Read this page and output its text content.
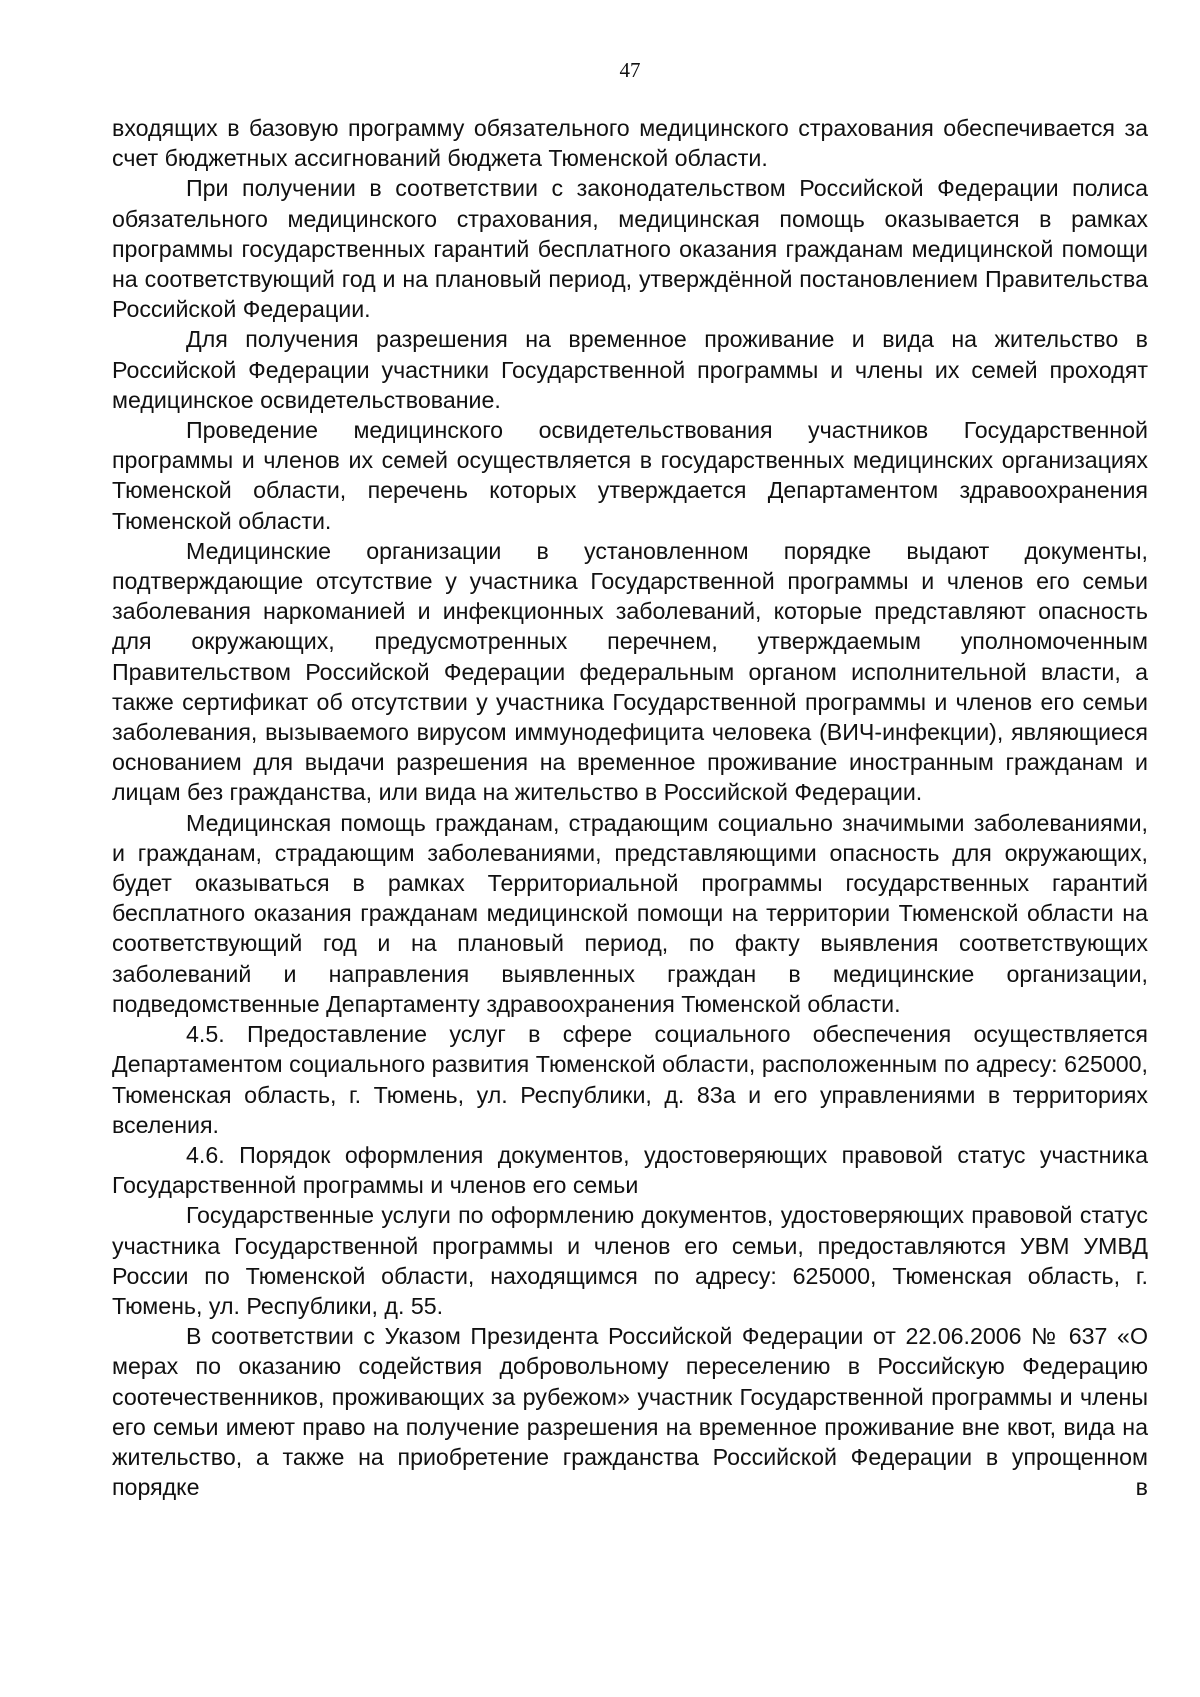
47

входящих в базовую программу обязательного медицинского страхования обеспечивается за счет бюджетных ассигнований бюджета Тюменской области.

При получении в соответствии с законодательством Российской Федерации полиса обязательного медицинского страхования, медицинская помощь оказывается в рамках программы государственных гарантий бесплатного оказания гражданам медицинской помощи на соответствующий год и на плановый период, утверждённой постановлением Правительства Российской Федерации.

Для получения разрешения на временное проживание и вида на жительство в Российской Федерации участники Государственной программы и члены их семей проходят медицинское освидетельствование.

Проведение медицинского освидетельствования участников Государственной программы и членов их семей осуществляется в государственных медицинских организациях Тюменской области, перечень которых утверждается Департаментом здравоохранения Тюменской области.

Медицинские организации в установленном порядке выдают документы, подтверждающие отсутствие у участника Государственной программы и членов его семьи заболевания наркоманией и инфекционных заболеваний, которые представляют опасность для окружающих, предусмотренных перечнем, утверждаемым уполномоченным Правительством Российской Федерации федеральным органом исполнительной власти, а также сертификат об отсутствии у участника Государственной программы и членов его семьи заболевания, вызываемого вирусом иммунодефицита человека (ВИЧ-инфекции), являющиеся основанием для выдачи разрешения на временное проживание иностранным гражданам и лицам без гражданства, или вида на жительство в Российской Федерации.

Медицинская помощь гражданам, страдающим социально значимыми заболеваниями, и гражданам, страдающим заболеваниями, представляющими опасность для окружающих, будет оказываться в рамках Территориальной программы государственных гарантий бесплатного оказания гражданам медицинской помощи на территории Тюменской области на соответствующий год и на плановый период, по факту выявления соответствующих заболеваний и направления выявленных граждан в медицинские организации, подведомственные Департаменту здравоохранения Тюменской области.

4.5. Предоставление услуг в сфере социального обеспечения осуществляется Департаментом социального развития Тюменской области, расположенным по адресу: 625000, Тюменская область, г. Тюмень, ул. Республики, д. 83а и его управлениями в территориях вселения.

4.6. Порядок оформления документов, удостоверяющих правовой статус участника Государственной программы и членов его семьи

Государственные услуги по оформлению документов, удостоверяющих правовой статус участника Государственной программы и членов его семьи, предоставляются УВМ УМВД России по Тюменской области, находящимся по адресу: 625000, Тюменская область, г. Тюмень, ул. Республики, д. 55.

В соответствии с Указом Президента Российской Федерации от 22.06.2006 № 637 «О мерах по оказанию содействия добровольному переселению в Российскую Федерацию соотечественников, проживающих за рубежом» участник Государственной программы и члены его семьи имеют право на получение разрешения на временное проживание вне квот, вида на жительство, а также на приобретение гражданства Российской Федерации в упрощенном порядке в
